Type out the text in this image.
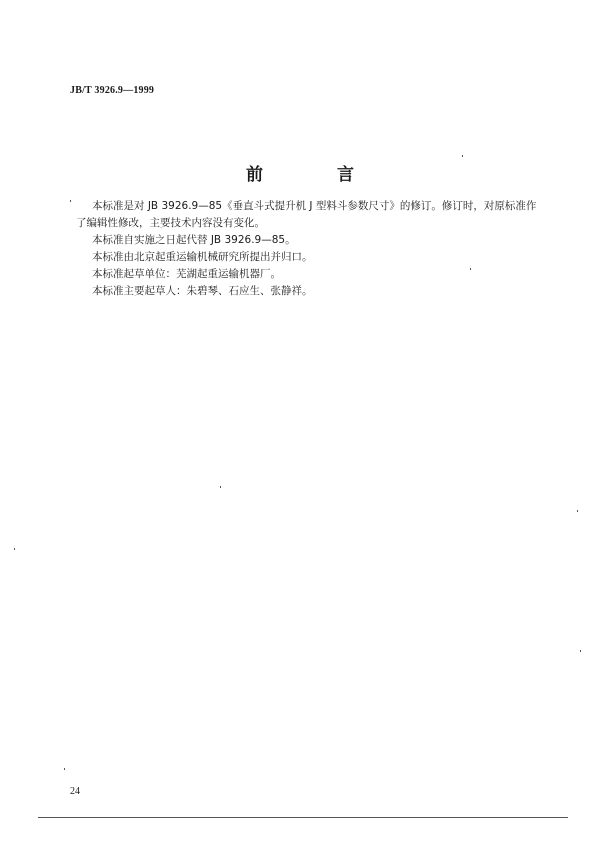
JB/T 3926.9—1999
前 言

本标准是对 JB 3926.9—85《垂直斗式提升机 J 型料斗参数尺寸》的修订。修订时，对原标准作

了编辑性修改，主要技术内容没有变化。

本标准自实施之日起代替 JB 3926.9—85。

本标准由北京起重运输机械研究所提出并归口。

本标准起草单位：芜湖起重运输机器厂。

本标准主要起草人：朱碧琴、石应生、张静祥。

24
